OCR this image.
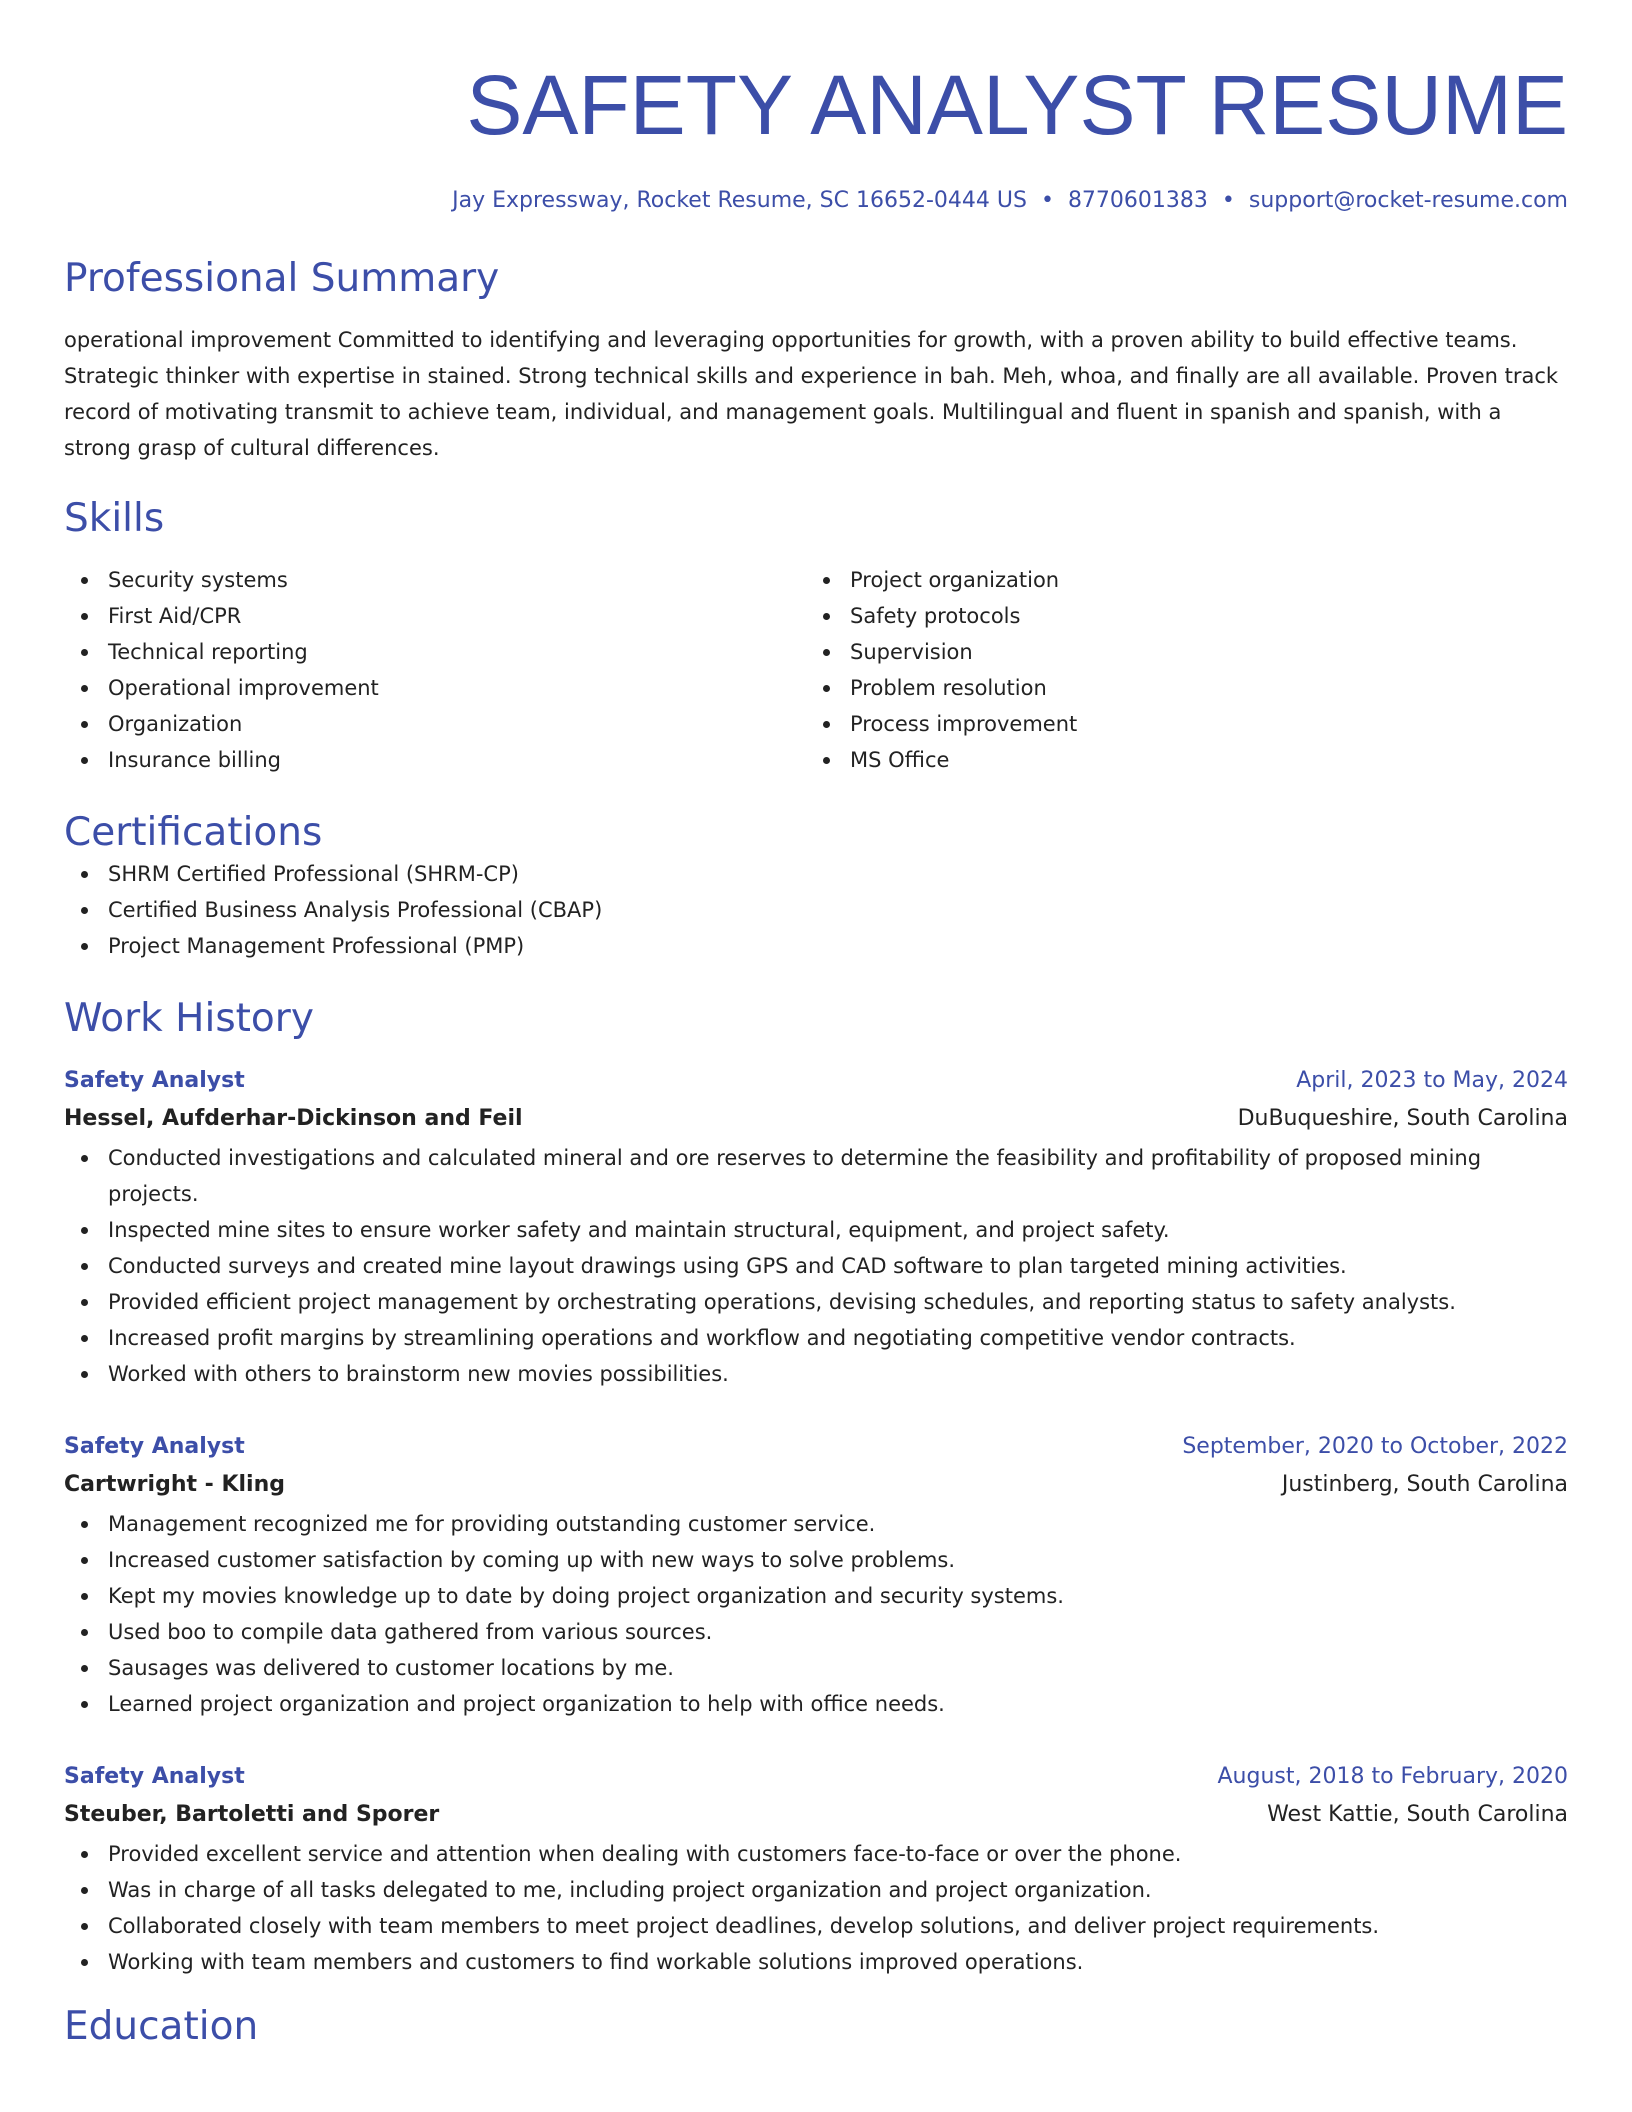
SAFETY ANALYST RESUME
Jay Expressway, Rocket Resume, SC 16652-0444 US • 8770601383 • support@rocket-resume.com
Professional Summary

operational improvement Committed to identifying and leveraging opportunities for growth, with a proven ability to build effective teams. Strategic thinker with expertise in stained. Strong technical skills and experience in bah. Meh, whoa, and finally are all available. Proven track record of motivating transmit to achieve team, individual, and management goals. Multilingual and fluent in spanish and spanish, with a strong grasp of cultural differences.

Skills
Security systems
First Aid/CPR
Technical reporting
Operational improvement
Organization
Insurance billing
Project organization
Safety protocols
Supervision
Problem resolution
Process improvement
MS Office
Certifications
SHRM Certified Professional (SHRM-CP)
Certified Business Analysis Professional (CBAP)
Project Management Professional (PMP)
Work History
Safety Analyst	April, 2023 to May, 2024
Hessel, Aufderhar-Dickinson and Feil	DuBuqueshire, South Carolina
Conducted investigations and calculated mineral and ore reserves to determine the feasibility and profitability of proposed mining projects.
Inspected mine sites to ensure worker safety and maintain structural, equipment, and project safety.
Conducted surveys and created mine layout drawings using GPS and CAD software to plan targeted mining activities.
Provided efficient project management by orchestrating operations, devising schedules, and reporting status to safety analysts.
Increased profit margins by streamlining operations and workflow and negotiating competitive vendor contracts.
Worked with others to brainstorm new movies possibilities.
Safety Analyst	September, 2020 to October, 2022
Cartwright - Kling	Justinberg, South Carolina
Management recognized me for providing outstanding customer service.
Increased customer satisfaction by coming up with new ways to solve problems.
Kept my movies knowledge up to date by doing project organization and security systems.
Used boo to compile data gathered from various sources.
Sausages was delivered to customer locations by me.
Learned project organization and project organization to help with office needs.
Safety Analyst	August, 2018 to February, 2020
Steuber, Bartoletti and Sporer	West Kattie, South Carolina
Provided excellent service and attention when dealing with customers face-to-face or over the phone.
Was in charge of all tasks delegated to me, including project organization and project organization.
Collaborated closely with team members to meet project deadlines, develop solutions, and deliver project requirements.
Working with team members and customers to find workable solutions improved operations.
Education
